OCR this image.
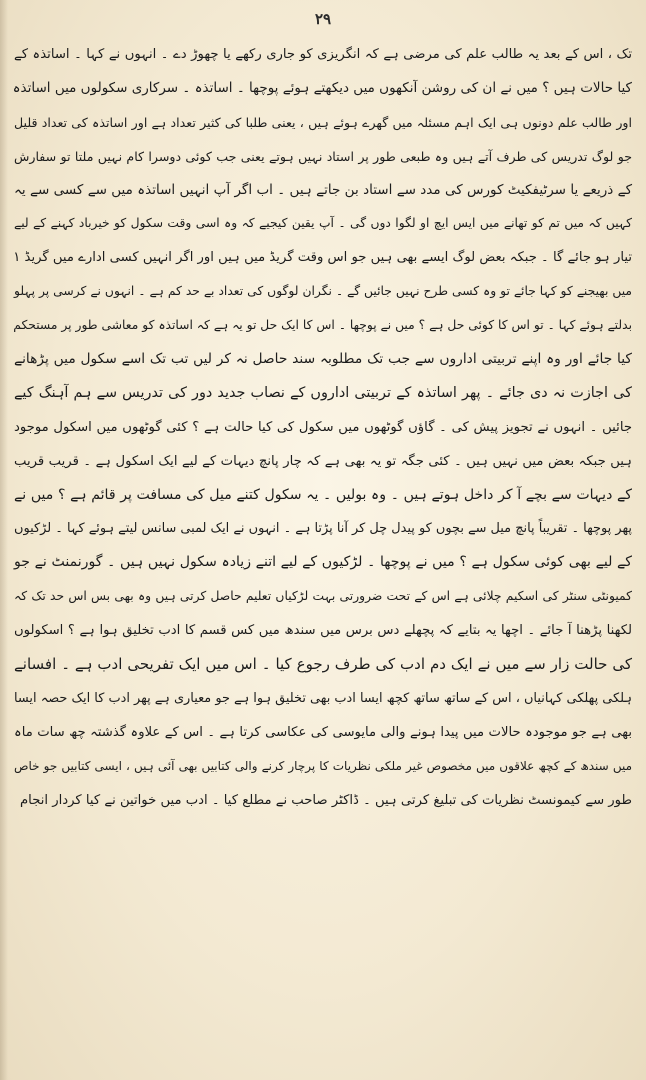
۲۹
تک ، اس کے بعد یہ طالب علم کی مرضی ہے کہ انگریزی کو جاری رکھے یا چھوڑ دے ۔ انہوں نے کہا ۔ اساتذہ کے
کیا حالات ہیں ؟ میں نے ان کی روشن آنکھوں میں دیکھتے ہوئے پوچھا ۔ اساتذہ ۔ سرکاری سکولوں میں اساتذہ
اور طالب علم دونوں ہی ایک اہم مسئلہ میں گھرے ہوئے ہیں ، یعنی طلبا کی کثیر تعداد ہے اور اساتذہ کی تعداد قلیل
جو لوگ تدریس کی طرف آتے ہیں وہ طبعی طور پر استاد نہیں ہوتے یعنی جب کوئی دوسرا کام نہیں ملتا تو سفارش
کے ذریعے یا سرٹیفکیٹ کورس کی مدد سے استاد بن جاتے ہیں ۔ اب اگر آپ انہیں اساتذہ میں سے کسی سے یہ
کہیں کہ میں تم کو تھانے میں ایس ایچ او لگوا دوں گی ۔ آپ یقین کیجیے کہ وہ اسی وقت سکول کو خیرباد کہنے کے لیے
تیار ہو جائے گا ۔ جبکہ بعض لوگ ایسے بھی ہیں جو اس وقت گریڈ میں ہیں اور اگر انہیں کسی ادارے میں گریڈ ۱
میں بھیجنے کو کہا جائے تو وہ کسی طرح نہیں جائیں گے ۔ نگران لوگوں کی تعداد بے حد کم ہے ۔ انہوں نے کرسی پر پہلو
بدلتے ہوئے کہا ۔ تو اس کا کوئی حل ہے ؟ میں نے پوچھا ۔ اس کا ایک حل تو یہ ہے کہ اساتذہ کو معاشی طور پر مستحکم
کیا جائے اور وہ اپنے تربیتی اداروں سے جب تک مطلوبہ سند حاصل نہ کر لیں تب تک اسے سکول میں پڑھانے
کی اجازت نہ دی جائے ۔ پھر اساتذہ کے تربیتی اداروں کے نصاب جدید دور کی تدریس سے ہم آہنگ کیے
جائیں ۔ انہوں نے تجویز پیش کی ۔ گاؤں گوٹھوں میں سکول کی کیا حالت ہے ؟ کئی گوٹھوں میں اسکول موجود
ہیں جبکہ بعض میں نہیں ہیں ۔ کئی جگہ تو یہ بھی ہے کہ چار پانچ دیہات کے لیے ایک اسکول ہے ۔ قریب قریب
کے دیہات سے بچے آ کر داخل ہوتے ہیں ۔ وہ بولیں ۔ یہ سکول کتنے میل کی مسافت پر قائم ہے ؟ میں نے
پھر پوچھا ۔ تقریباً پانچ میل سے بچوں کو پیدل چل کر آنا پڑتا ہے ۔ انہوں نے ایک لمبی سانس لیتے ہوئے کہا ۔ لڑکیوں
کے لیے بھی کوئی سکول ہے ؟ میں نے پوچھا ۔ لڑکیوں کے لیے اتنے زیادہ سکول نہیں ہیں ۔ گورنمنٹ نے جو
کمیونٹی سنٹر کی اسکیم چلائی ہے اس کے تحت ضرورتی بہت لڑکیاں تعلیم حاصل کرتی ہیں وہ بھی بس اس حد تک کہ
لکھنا پڑھنا آ جائے ۔ اچھا یہ بتایے کہ پچھلے دس برس میں سندھ میں کس قسم کا ادب تخلیق ہوا ہے ؟ اسکولوں
کی حالت زار سے میں نے ایک دم ادب کی طرف رجوع کیا ۔ اس میں ایک تفریحی ادب ہے ۔ افسانے
ہلکی پھلکی کہانیاں ، اس کے ساتھ ساتھ کچھ ایسا ادب بھی تخلیق ہوا ہے جو معیاری ہے پھر ادب کا ایک حصہ ایسا
بھی ہے جو موجودہ حالات میں پیدا ہونے والی مایوسی کی عکاسی کرتا ہے ۔ اس کے علاوہ گذشتہ چھ سات ماہ
میں سندھ کے کچھ علاقوں میں مخصوص غیر ملکی نظریات کا پرچار کرنے والی کتابیں بھی آئی ہیں ، ایسی کتابیں جو خاص
طور سے کیمونسٹ نظریات کی تبلیغ کرتی ہیں ۔ ڈاکٹر صاحب نے مطلع کیا ۔ ادب میں خواتین نے کیا کردار انجام
